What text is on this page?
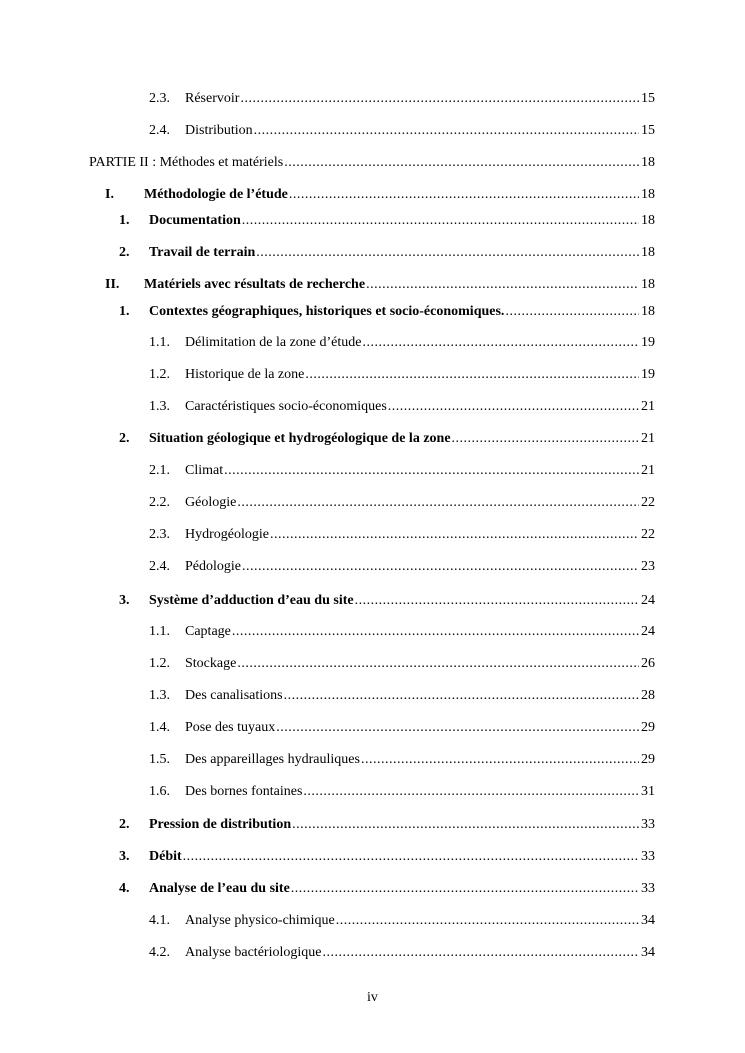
2.3.	Réservoir .....	15
2.4.	Distribution .....	15
PARTIE II : Méthodes et matériels .....	18
I.	Méthodologie de l’étude .....	18
1.	Documentation .....	18
2.	Travail de terrain .....	18
II.	Matériels avec résultats de recherche .....	18
1.	Contextes géographiques, historiques et socio-économiques. .....	18
1.1.	Délimitation de la zone d’étude .....	19
1.2.	Historique de la zone .....	19
1.3.	Caractéristiques socio-économiques .....	21
2.	Situation géologique et hydrogéologique de la zone .....	21
2.1.	Climat .....	21
2.2.	Géologie .....	22
2.3.	Hydrogéologie .....	22
2.4.	Pédologie .....	23
3.	Système d’adduction d’eau du site .....	24
1.1.	Captage .....	24
1.2.	Stockage .....	26
1.3.	Des canalisations .....	28
1.4.	Pose des tuyaux .....	29
1.5.	Des appareillages hydrauliques .....	29
1.6.	Des bornes fontaines .....	31
2.	Pression de distribution .....	33
3.	Débit .....	33
4.	Analyse de l’eau du site .....	33
4.1.	Analyse physico-chimique .....	34
4.2.	Analyse bactériologique .....	34
iv
